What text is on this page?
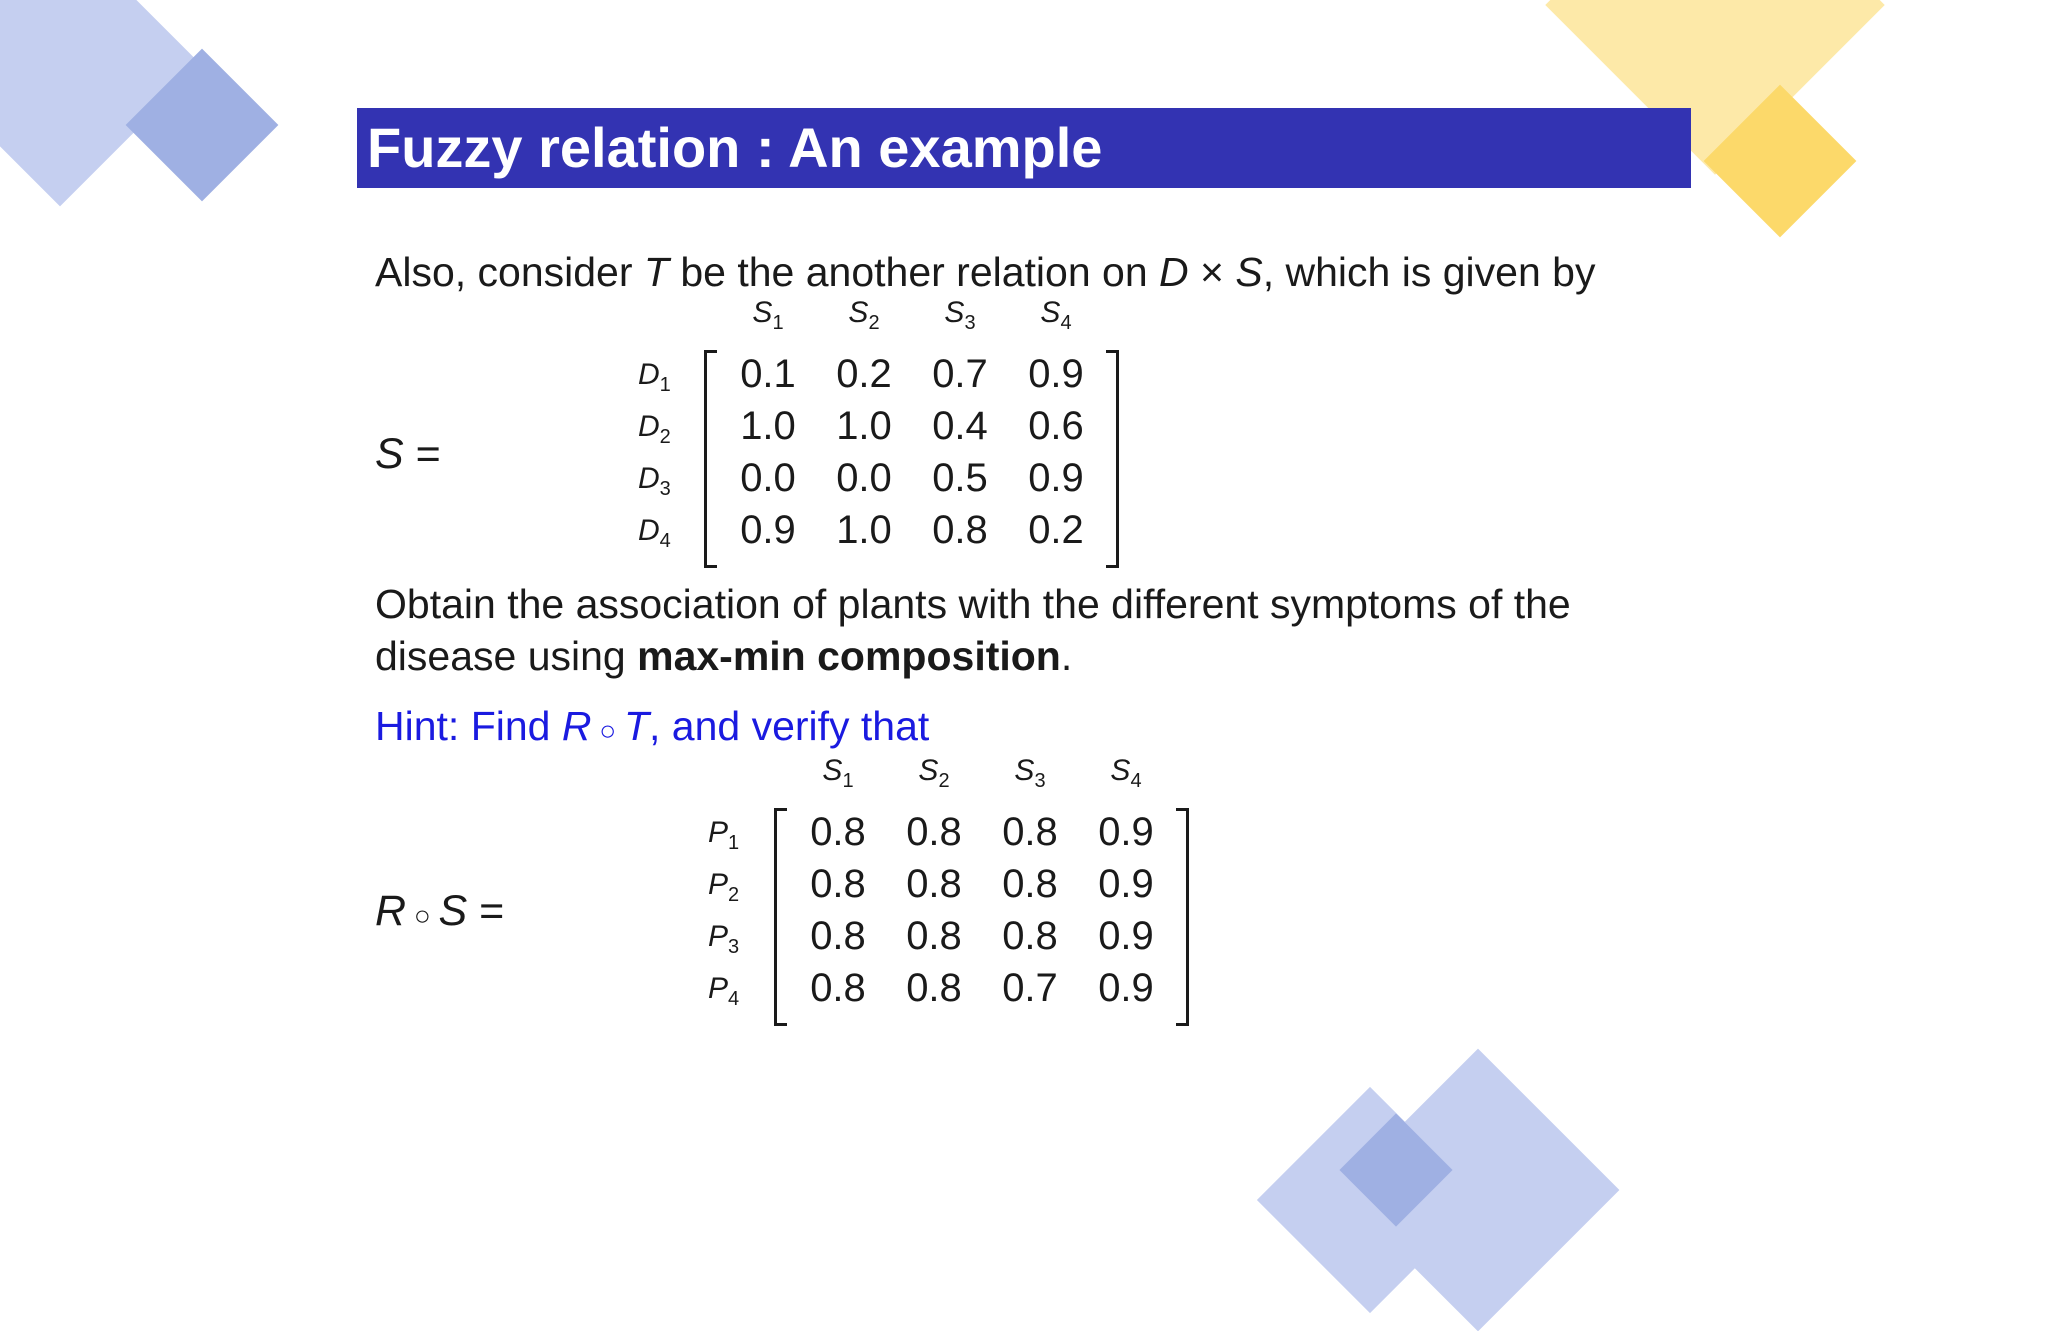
Fuzzy relation : An example
Also, consider T be the another relation on D × S, which is given by
S =
Obtain the association of plants with the different symptoms of the
disease using max-min composition.
Hint: Find R ○ T, and verify that
R ○ S =
$S_1$	$S_2$	$S_3$	$S_4$
$D_1$	0.1	0.2	0.7	0.9
$D_2$	1.0	1.0	0.4	0.6
$D_3$	0.0	0.0	0.5	0.9
$D_4$	0.9	1.0	0.8	0.2
$S_1$	$S_2$	$S_3$	$S_4$
$P_1$	0.8	0.8	0.8	0.9
$P_2$	0.8	0.8	0.8	0.9
$P_3$	0.8	0.8	0.8	0.9
$P_4$	0.8	0.8	0.7	0.9
